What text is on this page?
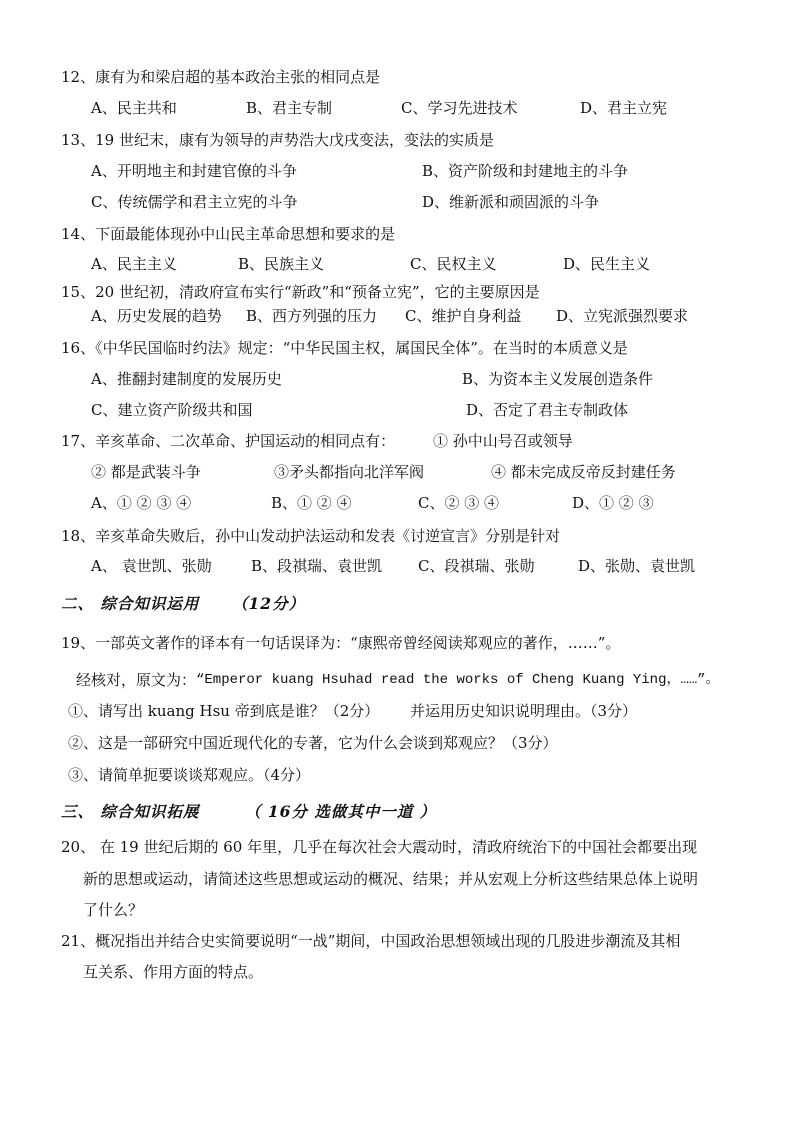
12、康有为和梁启超的基本政治主张的相同点是
A、民主共和	B、君主专制	C、学习先进技术	D、君主立宪
13、19 世纪末，康有为领导的声势浩大戊戌变法，变法的实质是
A、开明地主和封建官僚的斗争	B、资产阶级和封建地主的斗争
C、传统儒学和君主立宪的斗争	D、维新派和顽固派的斗争
14、下面最能体现孙中山民主革命思想和要求的是
A、民主主义	B、民族主义	C、民权主义	D、民生主义
15、20 世纪初，清政府宣布实行“新政”和“预备立宪”，它的主要原因是
A、历史发展的趋势 B、西方列强的压力 C、维护自身利益 D、立宪派强烈要求
16、《中华民国临时约法》规定：“中华民国主权，属国民全体”。在当时的本质意义是
A、推翻封建制度的发展历史	B、为资本主义发展创造条件
C、建立资产阶级共和国	D、否定了君主专制政体
17、辛亥革命、二次革命、护国运动的相同点有：	① 孙中山号召或领导
② 都是武装斗争	③矛头都指向北洋军阀	④ 都未完成反帝反封建任务
A、① ② ③ ④	B、① ② ④	C、② ③ ④	D、① ② ③
18、辛亥革命失败后，孙中山发动护法运动和发表《讨逆宣言》分别是针对
A、 袁世凯、张勋	B、段祺瑞、袁世凯 C、段祺瑞、张勋	D、张勋、袁世凯
二、 综合知识运用 （12分）
19、一部英文著作的译本有一句话误译为：“康熙帝曾经阅读郑观应的著作，……”。
经核对，原文为： “Emperor kuang Hsuhad read the works of Cheng Kuang Ying，……”。
①、请写出 kuang Hsu 帝到底是谁？（2分） 并运用历史知识说明理由。（3分）
②、这是一部研究中国近现代化的专著，它为什么会谈到郑观应？（3分）
③、请简单扼要谈谈郑观应。（4分）
三、 综合知识拓展	（ 16分 选做其中一道 ）
20、 在 19 世纪后期的 60 年里，几乎在每次社会大震动时，清政府统治下的中国社会都要出现
新的思想或运动，请简述这些思想或运动的概况、结果；并从宏观上分析这些结果总体上说明
了什么？
21、概况指出并结合史实简要说明“一战”期间，中国政治思想领域出现的几股进步潮流及其相
互关系、作用方面的特点。
